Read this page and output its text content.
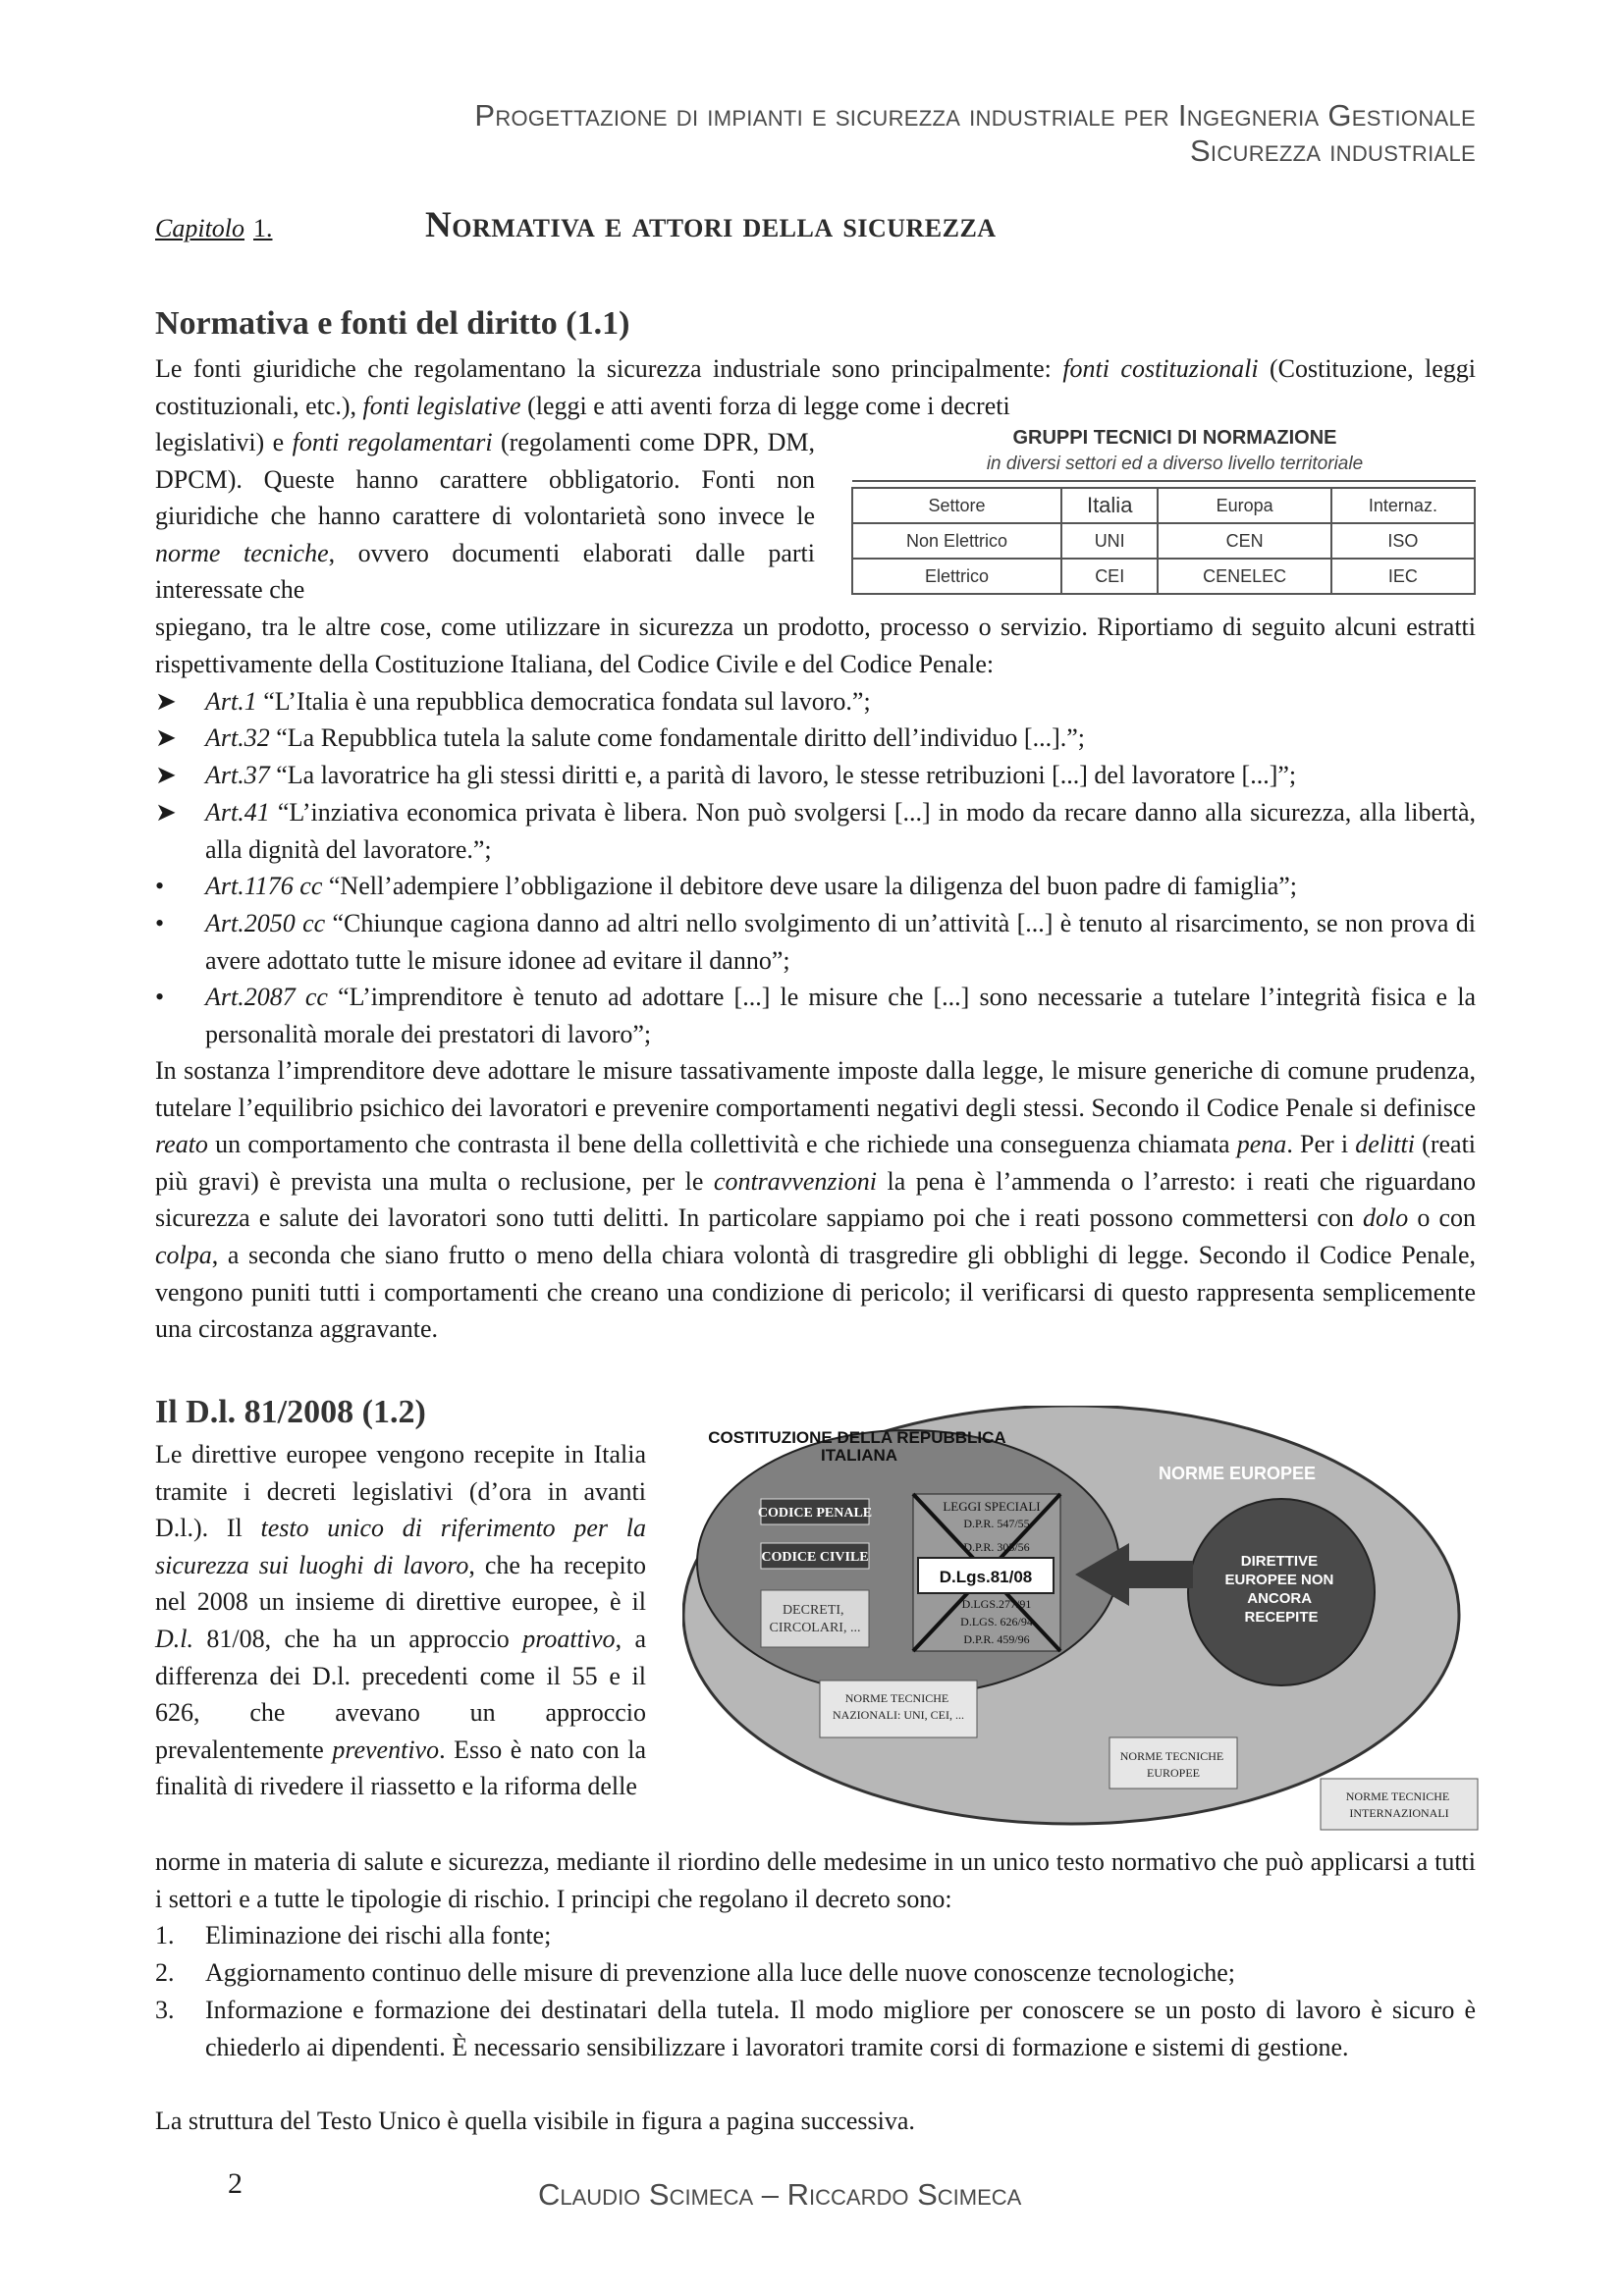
Progettazione di impianti e sicurezza industriale per Ingegneria Gestionale
Sicurezza industriale
Capitolo 1.	Normativa e attori della sicurezza
Normativa e fonti del diritto (1.1)
Le fonti giuridiche che regolamentano la sicurezza industriale sono principalmente: fonti costituzionali (Costituzione, leggi costituzionali, etc.), fonti legislative (leggi e atti aventi forza di legge come i decreti
legislativi) e fonti regolamentari (regolamenti come DPR, DM, DPCM). Queste hanno carattere obbligatorio. Fonti non giuridiche che hanno carattere di volontarietà sono invece le norme tecniche, ovvero documenti elaborati dalle parti interessate che
GRUPPI TECNICI DI NORMAZIONE
in diversi settori ed a diverso livello territoriale
Settore	Italia	Europa	Internaz.
Non Elettrico	UNI	CEN	ISO
Elettrico	CEI	CENELEC	IEC
spiegano, tra le altre cose, come utilizzare in sicurezza un prodotto, processo o servizio. Riportiamo di seguito alcuni estratti rispettivamente della Costituzione Italiana, del Codice Civile e del Codice Penale:
➤	Art.1 “L’Italia è una repubblica democratica fondata sul lavoro.”;
➤	Art.32 “La Repubblica tutela la salute come fondamentale diritto dell’individuo [...].”;
➤	Art.37 “La lavoratrice ha gli stessi diritti e, a parità di lavoro, le stesse retribuzioni [...] del lavoratore [...]”;
➤	Art.41 “L’inziativa economica privata è libera. Non può svolgersi [...] in modo da recare danno alla sicurezza, alla libertà, alla dignità del lavoratore.”;
•	Art.1176 cc “Nell’adempiere l’obbligazione il debitore deve usare la diligenza del buon padre di famiglia”;
•	Art.2050 cc “Chiunque cagiona danno ad altri nello svolgimento di un’attività [...] è tenuto al risarcimento, se non prova di avere adottato tutte le misure idonee ad evitare il danno”;
•	Art.2087 cc “L’imprenditore è tenuto ad adottare [...] le misure che [...] sono necessarie a tutelare l’integrità fisica e la personalità morale dei prestatori di lavoro”;
In sostanza l’imprenditore deve adottare le misure tassativamente imposte dalla legge, le misure generiche di comune prudenza, tutelare l’equilibrio psichico dei lavoratori e prevenire comportamenti negativi degli stessi. Secondo il Codice Penale si definisce reato un comportamento che contrasta il bene della collettività e che richiede una conseguenza chiamata pena. Per i delitti (reati più gravi) è prevista una multa o reclusione, per le contravvenzioni la pena è l’ammenda o l’arresto: i reati che riguardano sicurezza e salute dei lavoratori sono tutti delitti. In particolare sappiamo poi che i reati possono commettersi con dolo o con colpa, a seconda che siano frutto o meno della chiara volontà di trasgredire gli obblighi di legge. Secondo il Codice Penale, vengono puniti tutti i comportamenti che creano una condizione di pericolo; il verificarsi di questo rappresenta semplicemente una circostanza aggravante.
Il D.l. 81/2008 (1.2)
Le direttive europee vengono recepite in Italia tramite i decreti legislativi (d’ora in avanti D.l.). Il testo unico di riferimento per la sicurezza sui luoghi di lavoro, che ha recepito nel 2008 un insieme di direttive europee, è il D.l. 81/08, che ha un approccio proattivo, a differenza dei D.l. precedenti come il 55 e il 626, che avevano un approccio prevalentemente preventivo. Esso è nato con la finalità di rivedere il riassetto e la riforma delle
COSTITUZIONE DELLA REPUBBLICA ITALIANA
NORME EUROPEE
CODICE PENALE
CODICE CIVILE
DECRETI, CIRCOLARI, ...
LEGGI SPECIALI
D.P.R. 547/55
D.P.R. 303/56
D.LGS.277/91
D.LGS. 626/94
D.P.R. 459/96
D.Lgs.81/08
DIRETTIVE EUROPEE NON ANCORA RECEPITE
NORME TECNICHE NAZIONALI: UNI, CEI, ...
NORME TECNICHE EUROPEE
NORME TECNICHE INTERNAZIONALI
norme in materia di salute e sicurezza, mediante il riordino delle medesime in un unico testo normativo che può applicarsi a tutti i settori e a tutte le tipologie di rischio. I principi che regolano il decreto sono:
1.	Eliminazione dei rischi alla fonte;
2.	Aggiornamento continuo delle misure di prevenzione alla luce delle nuove conoscenze tecnologiche;
3.	Informazione e formazione dei destinatari della tutela. Il modo migliore per conoscere se un posto di lavoro è sicuro è chiederlo ai dipendenti. È necessario sensibilizzare i lavoratori tramite corsi di formazione e sistemi di gestione.
La struttura del Testo Unico è quella visibile in figura a pagina successiva.
2	Claudio Scimeca – Riccardo Scimeca
